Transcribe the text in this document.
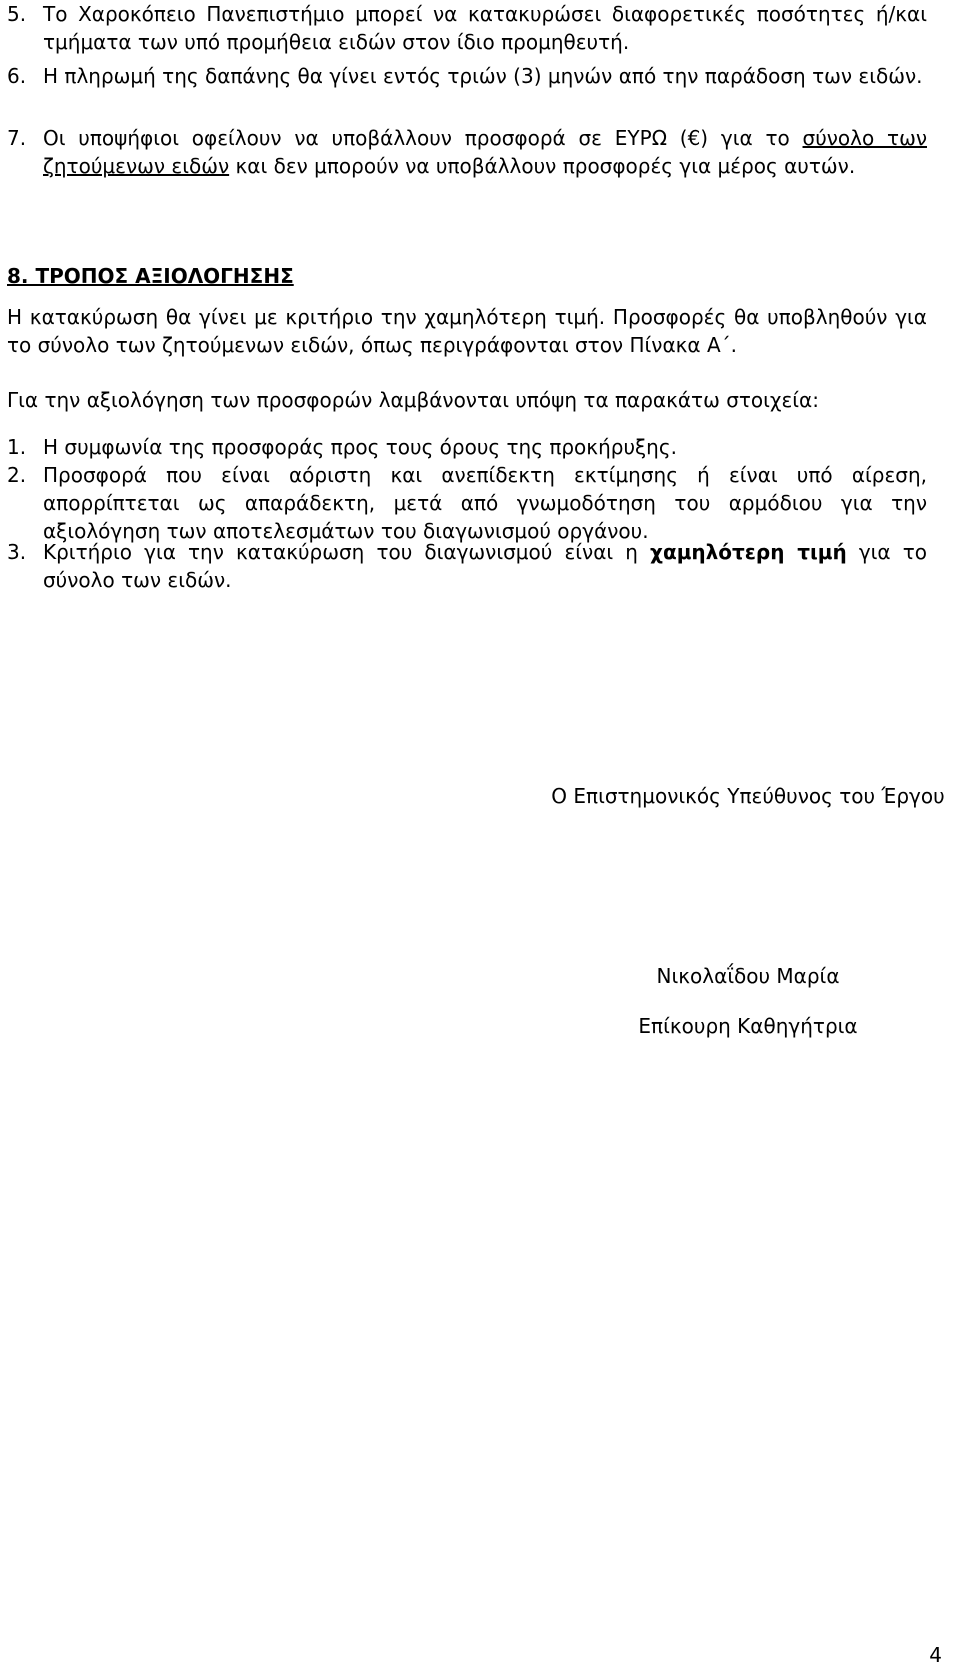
5. Το Χαροκόπειο Πανεπιστήμιο μπορεί να κατακυρώσει διαφορετικές ποσότητες ή/και τμήματα των υπό προμήθεια ειδών στον ίδιο προμηθευτή.
6. Η πληρωμή της δαπάνης θα γίνει εντός τριών (3) μηνών από την παράδοση των ειδών.
7. Οι υποψήφιοι οφείλουν να υποβάλλουν προσφορά σε ΕΥΡΩ (€) για το σύνολο των ζητούμενων ειδών και δεν μπορούν να υποβάλλουν προσφορές για μέρος αυτών.
8. ΤΡΟΠΟΣ ΑΞΙΟΛΟΓΗΣΗΣ
Η κατακύρωση θα γίνει με κριτήριο την χαμηλότερη τιμή. Προσφορές θα υποβληθούν για το σύνολο των ζητούμενων ειδών, όπως περιγράφονται στον Πίνακα Α΄.
Για την αξιολόγηση των προσφορών λαμβάνονται υπόψη τα παρακάτω στοιχεία:
1. Η συμφωνία της προσφοράς προς τους όρους της προκήρυξης.
2. Προσφορά που είναι αόριστη και ανεπίδεκτη εκτίμησης ή είναι υπό αίρεση, απορρίπτεται ως απαράδεκτη, μετά από γνωμοδότηση του αρμόδιου για την αξιολόγηση των αποτελεσμάτων του διαγωνισμού οργάνου.
3. Κριτήριο για την κατακύρωση του διαγωνισμού είναι η χαμηλότερη τιμή για το σύνολο των ειδών.
Ο Επιστημονικός Υπεύθυνος του Έργου
Νικολαΐδου Μαρία
Επίκουρη Καθηγήτρια
4
